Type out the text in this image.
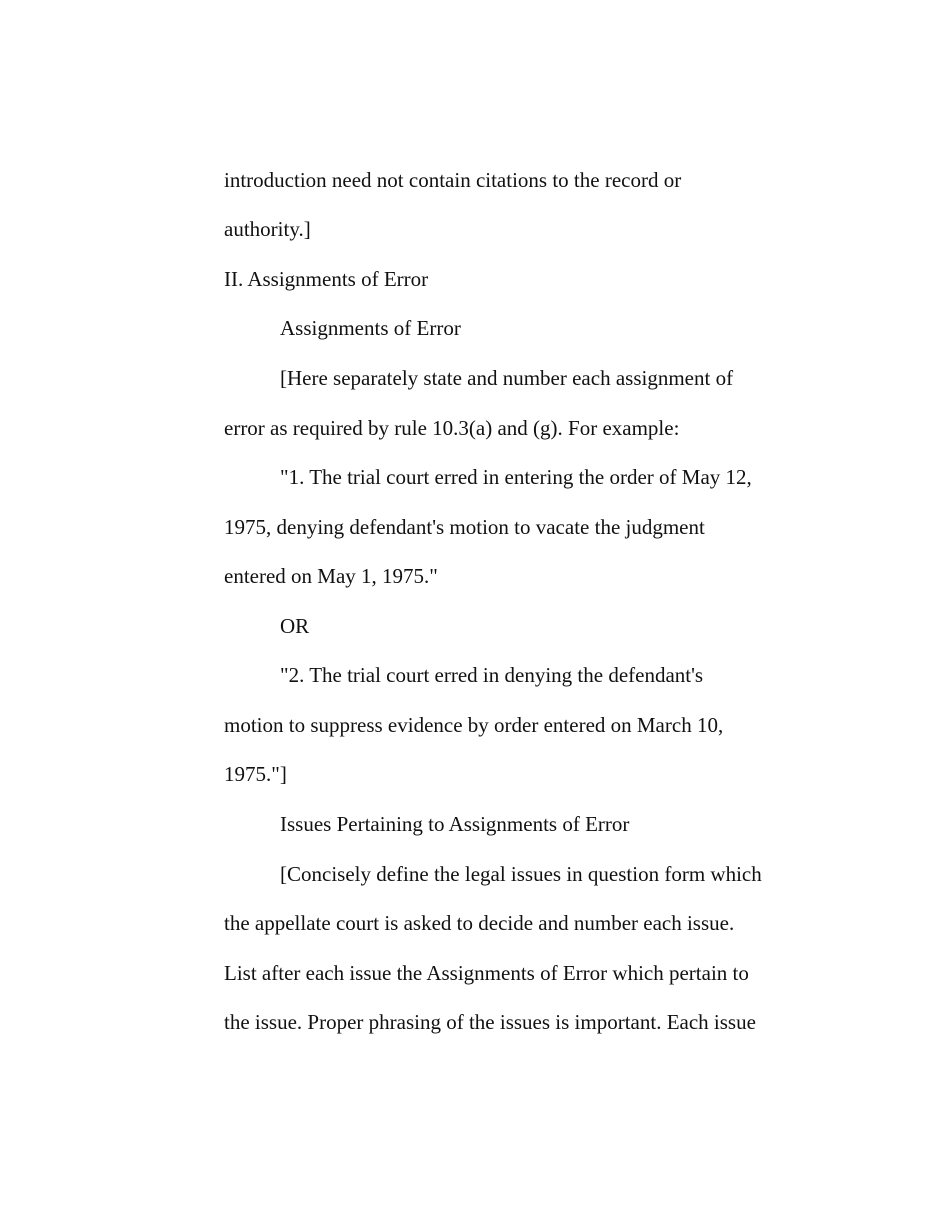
introduction need not contain citations to the record or
authority.]
II. Assignments of Error
Assignments of Error
[Here separately state and number each assignment of
error as required by rule 10.3(a) and (g). For example:
"1. The trial court erred in entering the order of May 12,
1975, denying defendant's motion to vacate the judgment
entered on May 1, 1975."
OR
"2. The trial court erred in denying the defendant's
motion to suppress evidence by order entered on March 10,
1975."]
Issues Pertaining to Assignments of Error
[Concisely define the legal issues in question form which
the appellate court is asked to decide and number each issue.
List after each issue the Assignments of Error which pertain to
the issue. Proper phrasing of the issues is important. Each issue
